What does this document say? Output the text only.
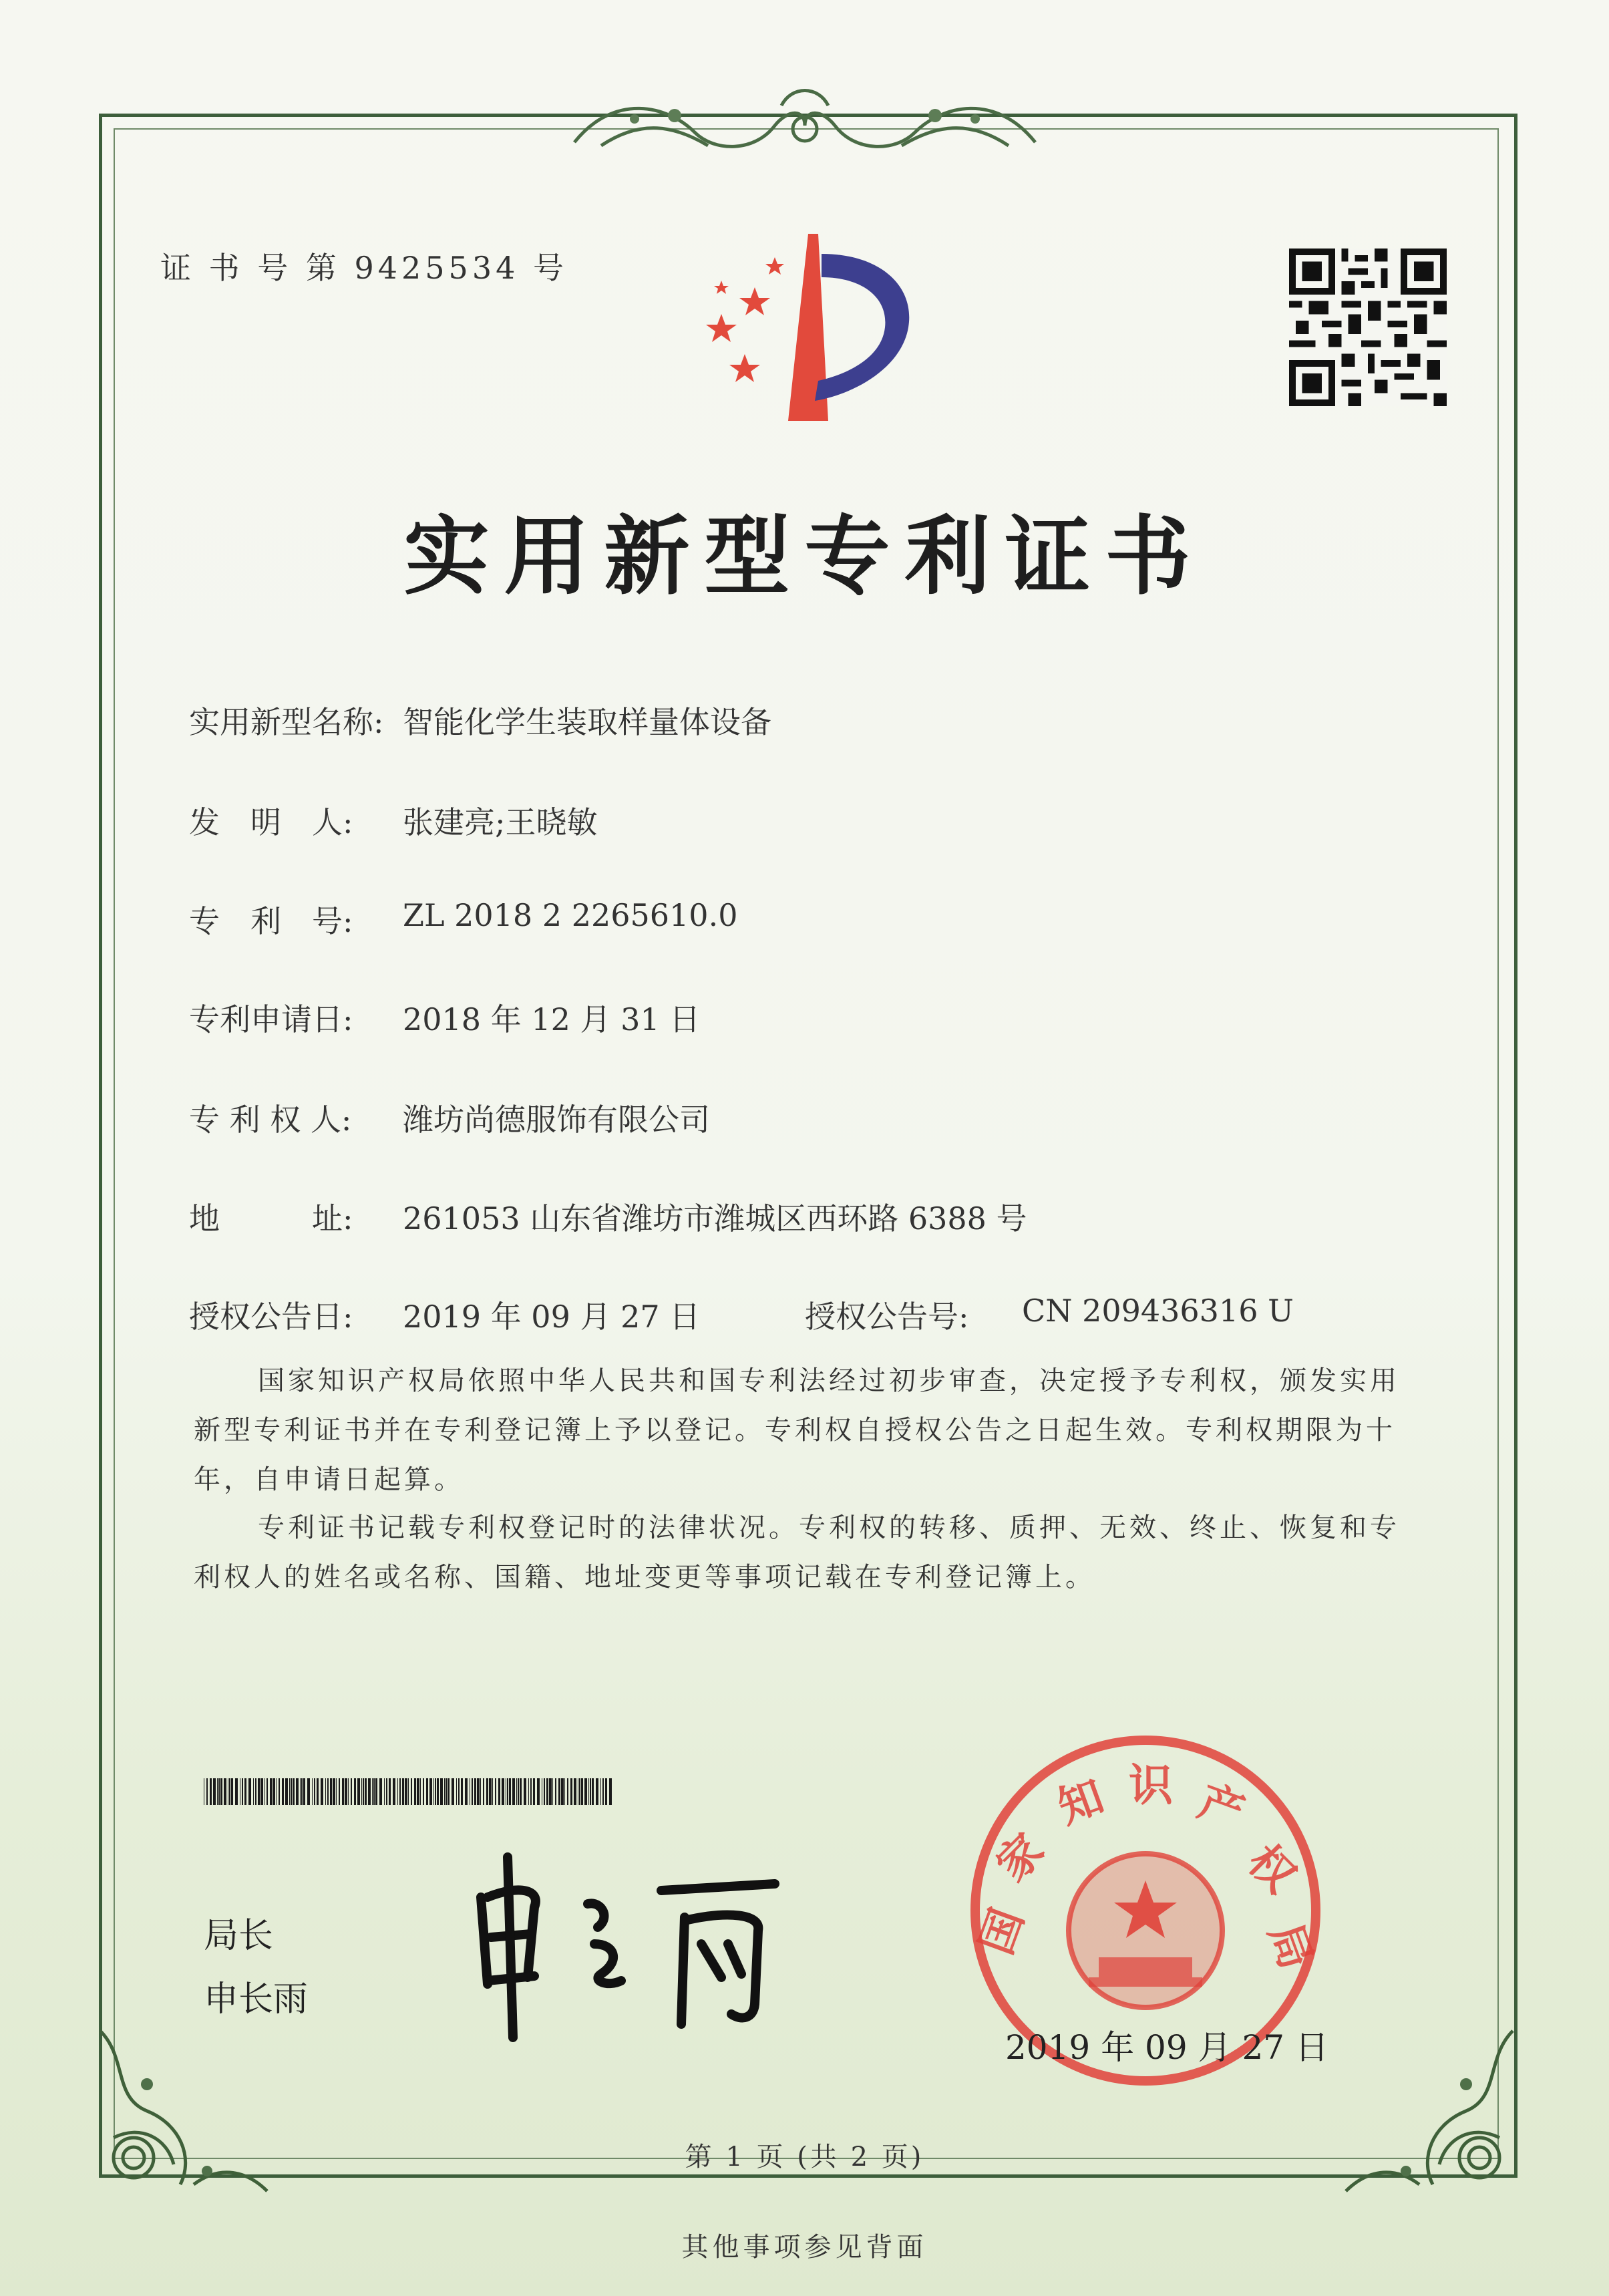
证 书 号 第 9425534 号
实用新型专利证书
实用新型名称: 智能化学生装取样量体设备
发　明　人: 张建亮;王晓敏
专　利　号: ZL 2018 2 2265610.0
专利申请日: 2018 年 12 月 31 日
专 利 权 人: 潍坊尚德服饰有限公司
地　　　址: 261053 山东省潍坊市潍城区西环路 6388 号
授权公告日: 2019 年 09 月 27 日	授权公告号: CN 209436316 U
国家知识产权局依照中华人民共和国专利法经过初步审查，决定授予专利权，颁发实用新型专利证书并在专利登记簿上予以登记。专利权自授权公告之日起生效。专利权期限为十年，自申请日起算。
专利证书记载专利权登记时的法律状况。专利权的转移、质押、无效、终止、恢复和专利权人的姓名或名称、国籍、地址变更等事项记载在专利登记簿上。
局长
申长雨
国
家
知 识 产
权
局
2019 年 09 月 27 日
第 1 页 (共 2 页)
其他事项参见背面
